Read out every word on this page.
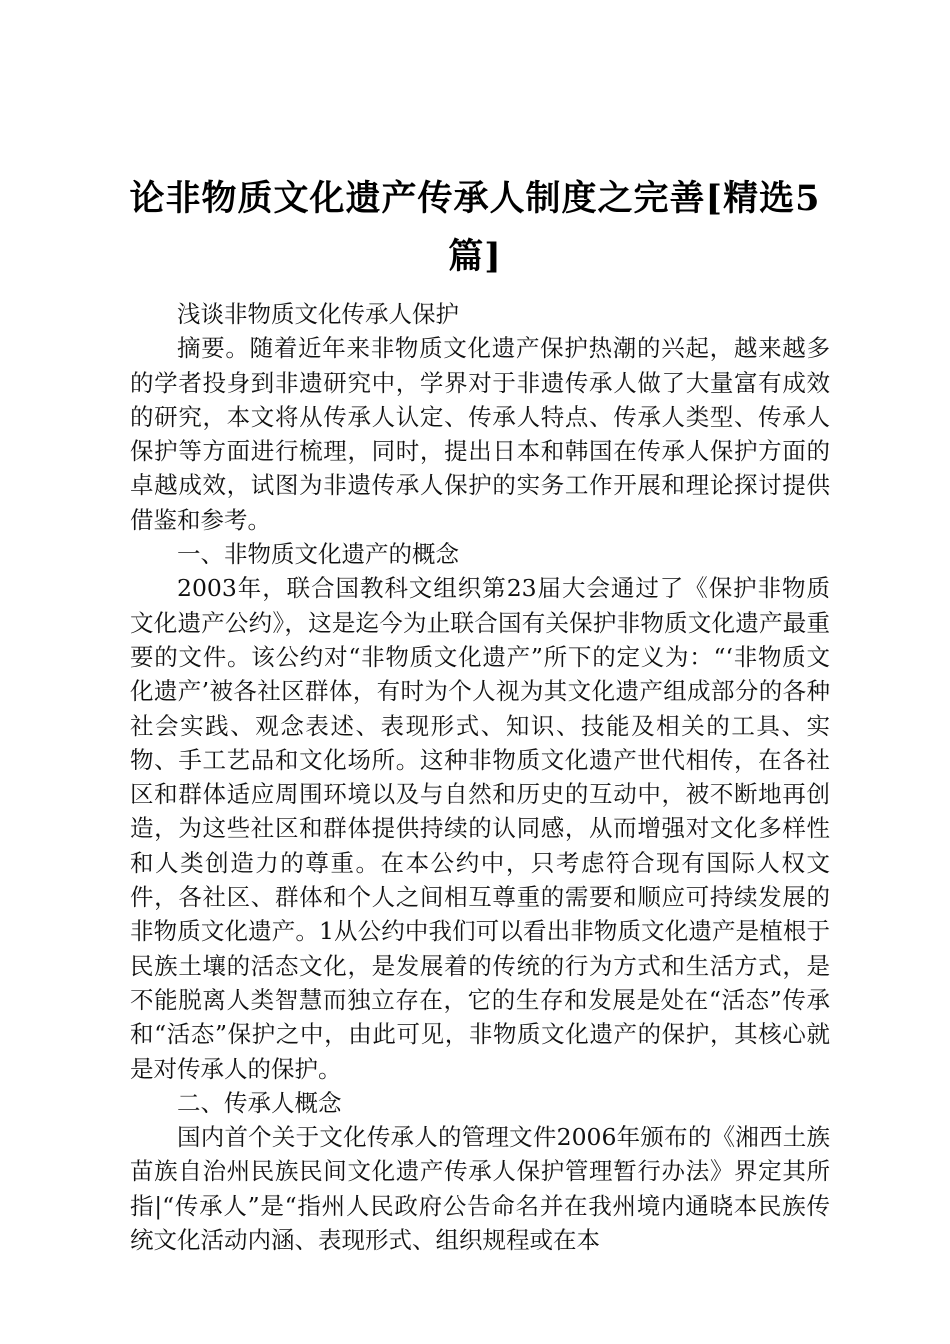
论非物质文化遗产传承人制度之完善[精选5篇]

浅谈非物质文化传承人保护

摘要。随着近年来非物质文化遗产保护热潮的兴起，越来越多的学者投身到非遗研究中，学界对于非遗传承人做了大量富有成效的研究，本文将从传承人认定、传承人特点、传承人类型、传承人保护等方面进行梳理，同时，提出日本和韩国在传承人保护方面的卓越成效，试图为非遗传承人保护的实务工作开展和理论探讨提供借鉴和参考。

一、非物质文化遗产的概念

2003年，联合国教科文组织第23届大会通过了《保护非物质文化遗产公约》，这是迄今为止联合国有关保护非物质文化遗产最重要的文件。该公约对“非物质文化遗产”所下的定义为：“‘非物质文化遗产’被各社区群体，有时为个人视为其文化遗产组成部分的各种社会实践、观念表述、表现形式、知识、技能及相关的工具、实物、手工艺品和文化场所。这种非物质文化遗产世代相传，在各社区和群体适应周围环境以及与自然和历史的互动中，被不断地再创造，为这些社区和群体提供持续的认同感，从而增强对文化多样性和人类创造力的尊重。在本公约中，只考虑符合现有国际人权文件，各社区、群体和个人之间相互尊重的需要和顺应可持续发展的非物质文化遗产。1从公约中我们可以看出非物质文化遗产是植根于民族土壤的活态文化，是发展着的传统的行为方式和生活方式，是不能脱离人类智慧而独立存在，它的生存和发展是处在“活态”传承和“活态”保护之中，由此可见，非物质文化遗产的保护，其核心就是对传承人的保护。

二、传承人概念

国内首个关于文化传承人的管理文件2006年颁布的《湘西土族苗族自治州民族民间文化遗产传承人保护管理暂行办法》界定其所指|“传承人”是“指州人民政府公告命名并在我州境内通晓本民族传统文化活动内涵、表现形式、组织规程或在本
